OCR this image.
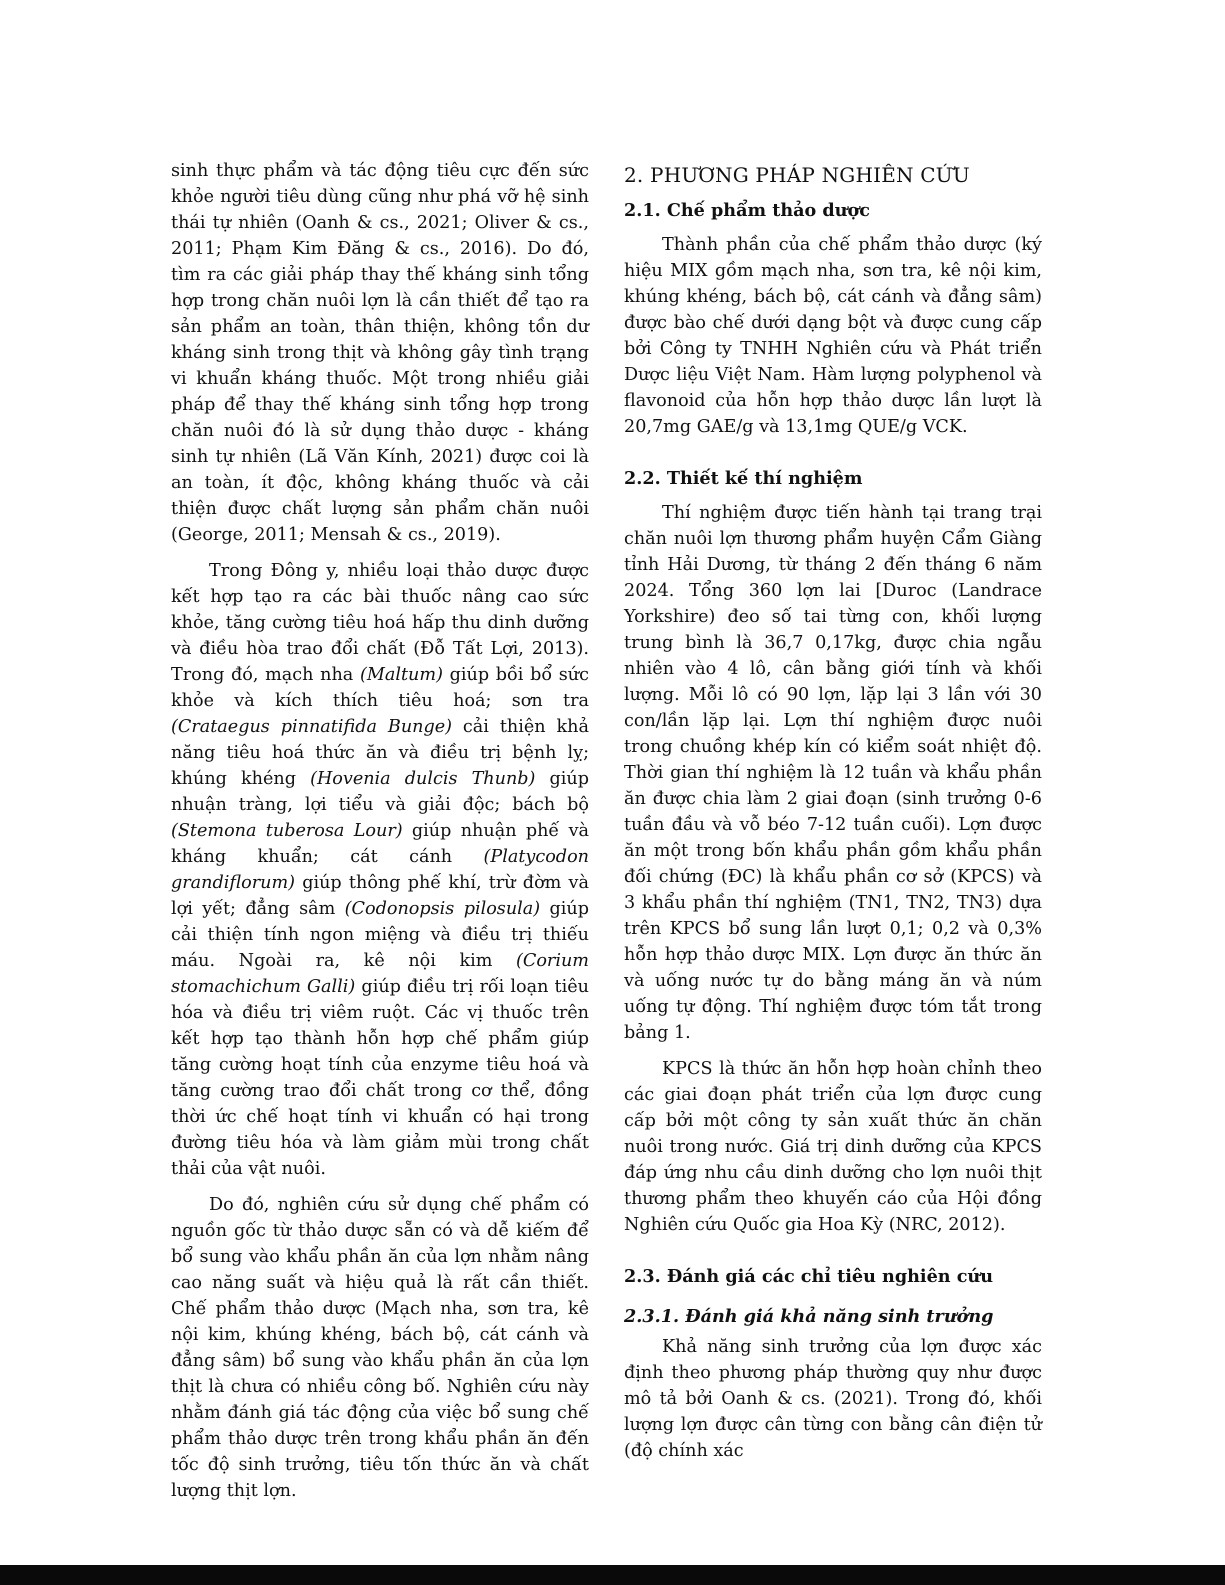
sinh thực phẩm và tác động tiêu cực đến sức khỏe người tiêu dùng cũng như phá vỡ hệ sinh thái tự nhiên (Oanh & cs., 2021; Oliver & cs., 2011; Phạm Kim Đăng & cs., 2016). Do đó, tìm ra các giải pháp thay thế kháng sinh tổng hợp trong chăn nuôi lợn là cần thiết để tạo ra sản phẩm an toàn, thân thiện, không tồn dư kháng sinh trong thịt và không gây tình trạng vi khuẩn kháng thuốc. Một trong nhiều giải pháp để thay thế kháng sinh tổng hợp trong chăn nuôi đó là sử dụng thảo dược - kháng sinh tự nhiên (Lã Văn Kính, 2021) được coi là an toàn, ít độc, không kháng thuốc và cải thiện được chất lượng sản phẩm chăn nuôi (George, 2011; Mensah & cs., 2019).

Trong Đông y, nhiều loại thảo dược được kết hợp tạo ra các bài thuốc nâng cao sức khỏe, tăng cường tiêu hoá hấp thu dinh dưỡng và điều hòa trao đổi chất (Đỗ Tất Lợi, 2013). Trong đó, mạch nha (Maltum) giúp bồi bổ sức khỏe và kích thích tiêu hoá; sơn tra (Crataegus pinnatifida Bunge) cải thiện khả năng tiêu hoá thức ăn và điều trị bệnh lỵ; khúng khéng (Hovenia dulcis Thunb) giúp nhuận tràng, lợi tiểu và giải độc; bách bộ (Stemona tuberosa Lour) giúp nhuận phế và kháng khuẩn; cát cánh (Platycodon grandiflorum) giúp thông phế khí, trừ đờm và lợi yết; đẳng sâm (Codonopsis pilosula) giúp cải thiện tính ngon miệng và điều trị thiếu máu. Ngoài ra, kê nội kim (Corium stomachichum Galli) giúp điều trị rối loạn tiêu hóa và điều trị viêm ruột. Các vị thuốc trên kết hợp tạo thành hỗn hợp chế phẩm giúp tăng cường hoạt tính của enzyme tiêu hoá và tăng cường trao đổi chất trong cơ thể, đồng thời ức chế hoạt tính vi khuẩn có hại trong đường tiêu hóa và làm giảm mùi trong chất thải của vật nuôi.

Do đó, nghiên cứu sử dụng chế phẩm có nguồn gốc từ thảo dược sẵn có và dễ kiếm để bổ sung vào khẩu phần ăn của lợn nhằm nâng cao năng suất và hiệu quả là rất cần thiết. Chế phẩm thảo dược (Mạch nha, sơn tra, kê nội kim, khúng khéng, bách bộ, cát cánh và đẳng sâm) bổ sung vào khẩu phần ăn của lợn thịt là chưa có nhiều công bố. Nghiên cứu này nhằm đánh giá tác động của việc bổ sung chế phẩm thảo dược trên trong khẩu phần ăn đến tốc độ sinh trưởng, tiêu tốn thức ăn và chất lượng thịt lợn.

2. PHƯƠNG PHÁP NGHIÊN CỨU
2.1. Chế phẩm thảo dược

Thành phần của chế phẩm thảo dược (ký hiệu MIX gồm mạch nha, sơn tra, kê nội kim, khúng khéng, bách bộ, cát cánh và đẳng sâm) được bào chế dưới dạng bột và được cung cấp bởi Công ty TNHH Nghiên cứu và Phát triển Dược liệu Việt Nam. Hàm lượng polyphenol và flavonoid của hỗn hợp thảo dược lần lượt là 20,7mg GAE/g và 13,1mg QUE/g VCK.

2.2. Thiết kế thí nghiệm

Thí nghiệm được tiến hành tại trang trại chăn nuôi lợn thương phẩm huyện Cẩm Giàng tỉnh Hải Dương, từ tháng 2 đến tháng 6 năm 2024. Tổng 360 lợn lai [Duroc (Landrace Yorkshire) đeo số tai từng con, khối lượng trung bình là 36,7 0,17kg, được chia ngẫu nhiên vào 4 lô, cân bằng giới tính và khối lượng. Mỗi lô có 90 lợn, lặp lại 3 lần với 30 con/lần lặp lại. Lợn thí nghiệm được nuôi trong chuồng khép kín có kiểm soát nhiệt độ. Thời gian thí nghiệm là 12 tuần và khẩu phần ăn được chia làm 2 giai đoạn (sinh trưởng 0-6 tuần đầu và vỗ béo 7-12 tuần cuối). Lợn được ăn một trong bốn khẩu phần gồm khẩu phần đối chứng (ĐC) là khẩu phần cơ sở (KPCS) và 3 khẩu phần thí nghiệm (TN1, TN2, TN3) dựa trên KPCS bổ sung lần lượt 0,1; 0,2 và 0,3% hỗn hợp thảo dược MIX. Lợn được ăn thức ăn và uống nước tự do bằng máng ăn và núm uống tự động. Thí nghiệm được tóm tắt trong bảng 1.

KPCS là thức ăn hỗn hợp hoàn chỉnh theo các giai đoạn phát triển của lợn được cung cấp bởi một công ty sản xuất thức ăn chăn nuôi trong nước. Giá trị dinh dưỡng của KPCS đáp ứng nhu cầu dinh dưỡng cho lợn nuôi thịt thương phẩm theo khuyến cáo của Hội đồng Nghiên cứu Quốc gia Hoa Kỳ (NRC, 2012).

2.3. Đánh giá các chỉ tiêu nghiên cứu
2.3.1. Đánh giá khả năng sinh trưởng

Khả năng sinh trưởng của lợn được xác định theo phương pháp thường quy như được mô tả bởi Oanh & cs. (2021). Trong đó, khối lượng lợn được cân từng con bằng cân điện tử (độ chính xác
